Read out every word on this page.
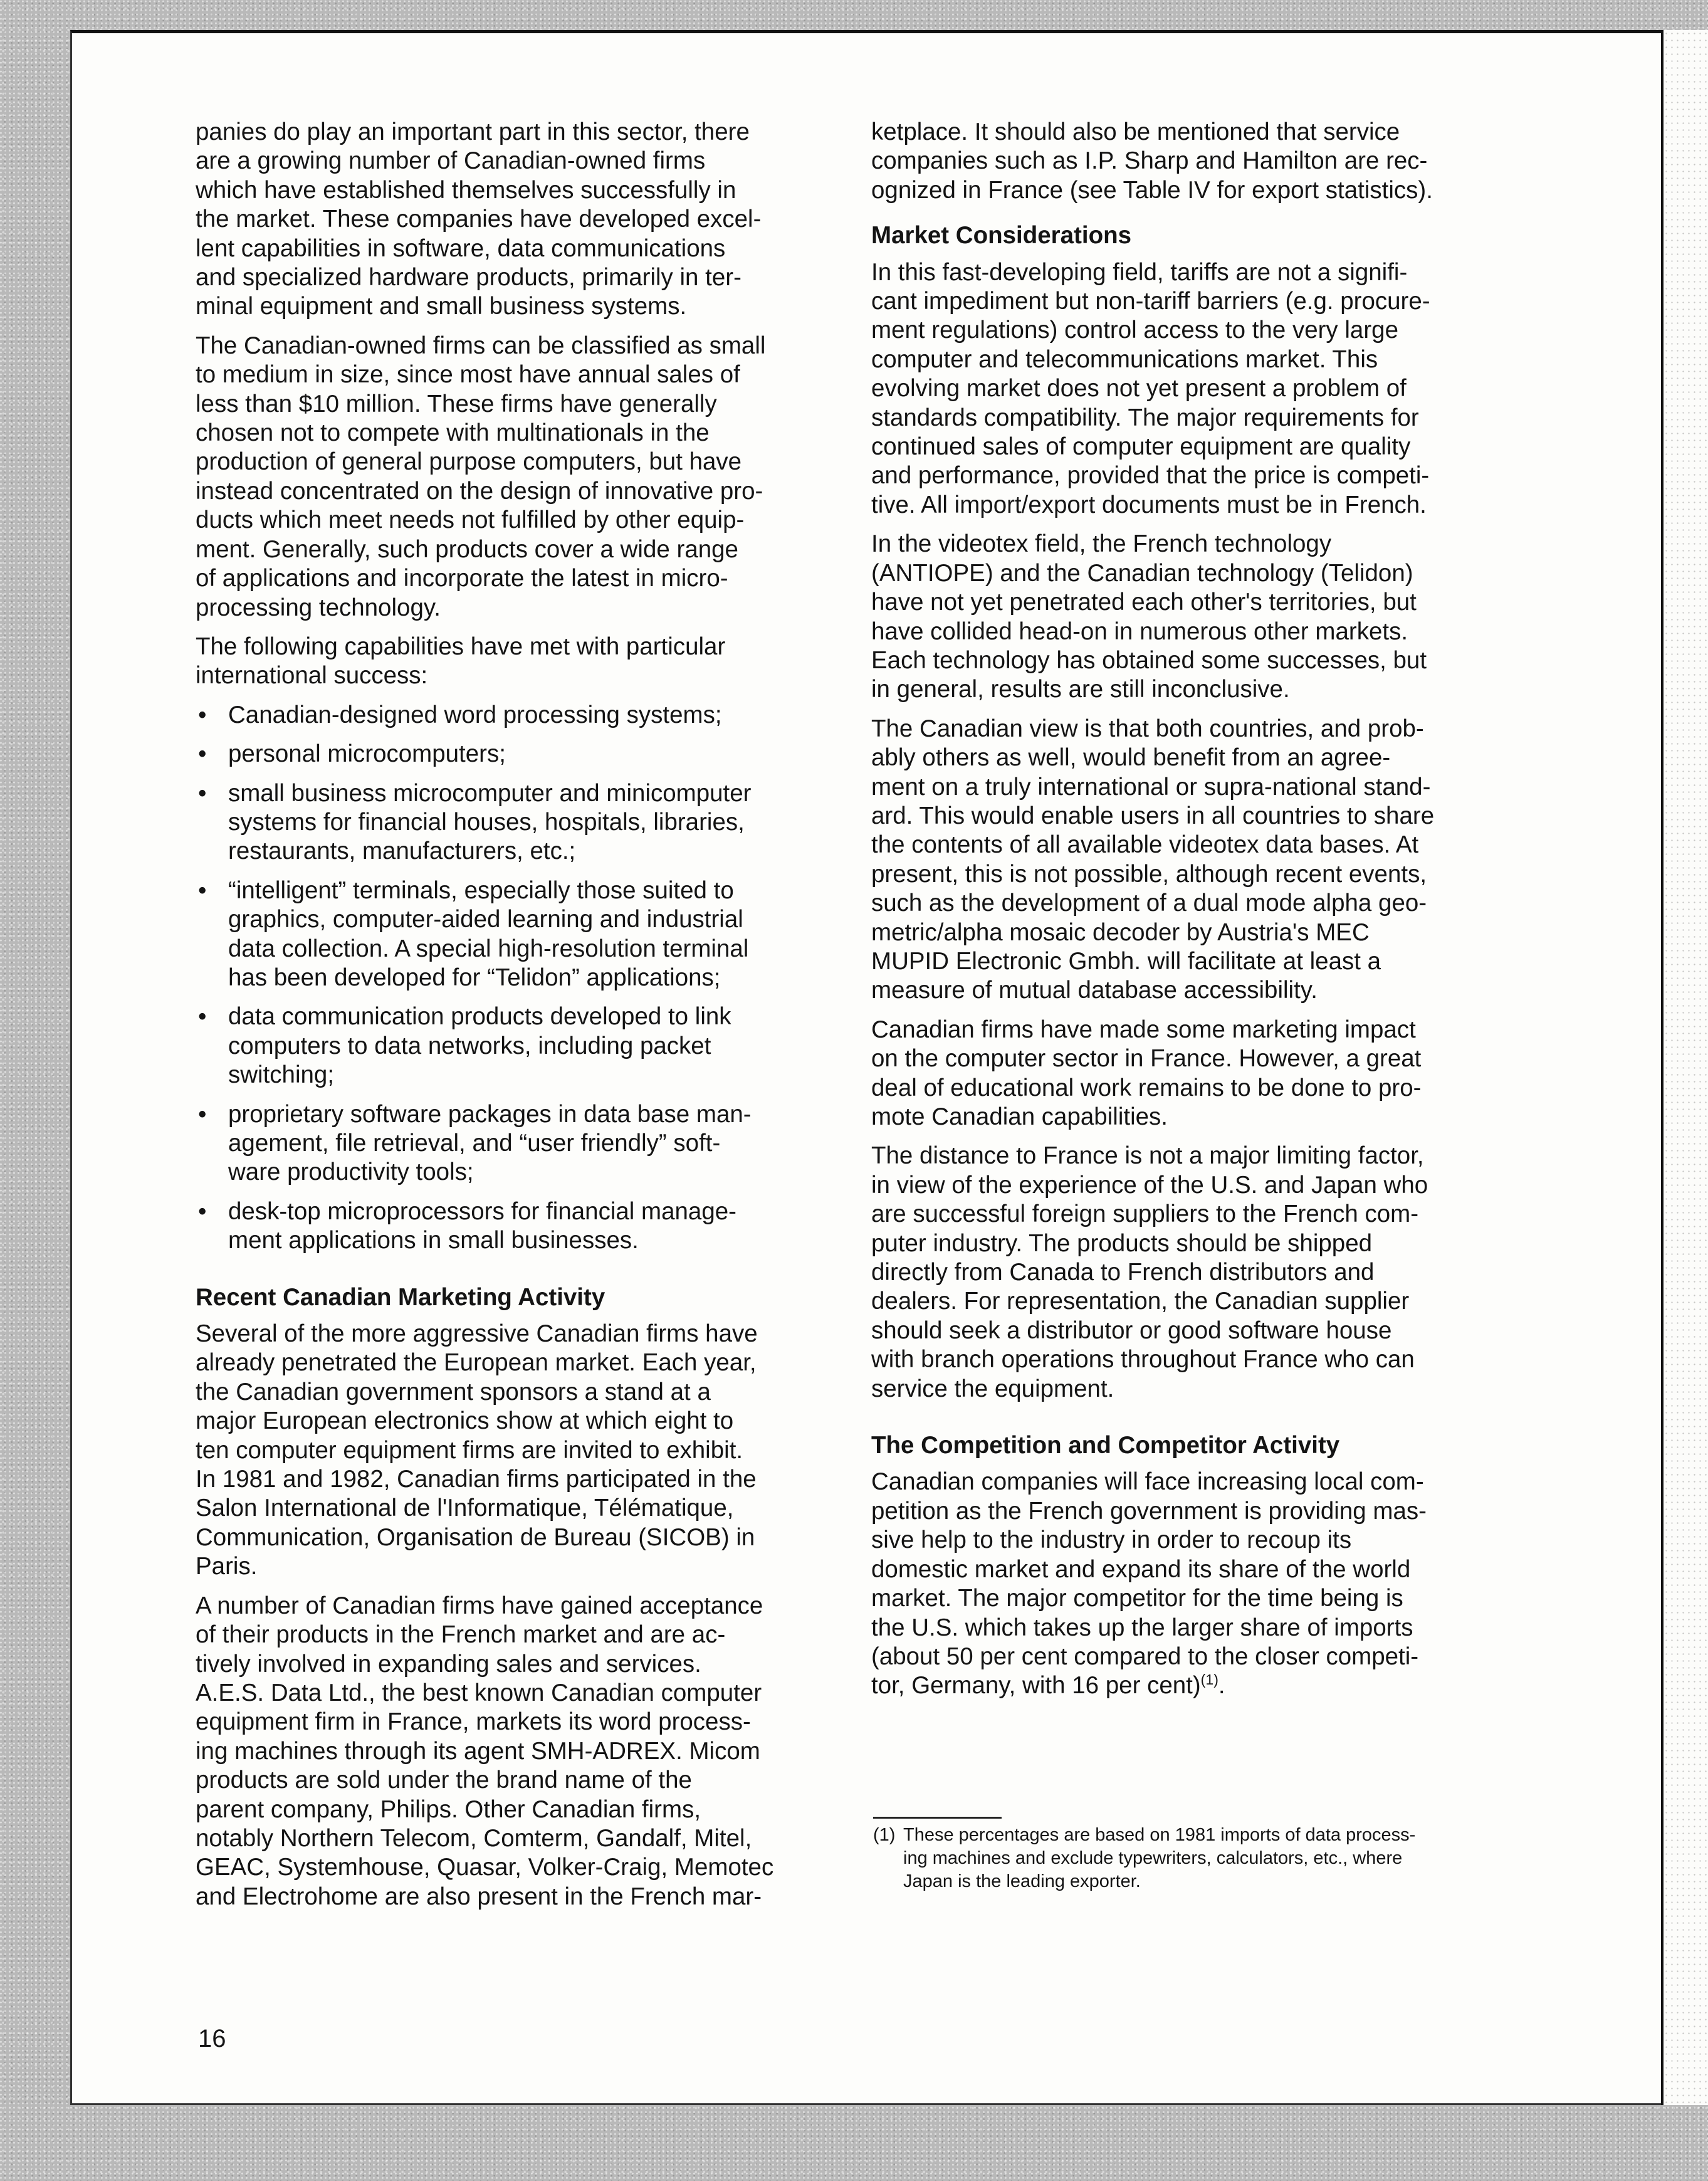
panies do play an important part in this sector, there
are a growing number of Canadian-owned firms
which have established themselves successfully in
the market. These companies have developed excel-
lent capabilities in software, data communications
and specialized hardware products, primarily in ter-
minal equipment and small business systems.

The Canadian-owned firms can be classified as small
to medium in size, since most have annual sales of
less than $10 million. These firms have generally
chosen not to compete with multinationals in the
production of general purpose computers, but have
instead concentrated on the design of innovative pro-
ducts which meet needs not fulfilled by other equip-
ment. Generally, such products cover a wide range
of applications and incorporate the latest in micro-
processing technology.

The following capabilities have met with particular
international success:

• Canadian-designed word processing systems;
• personal microcomputers;
• small business microcomputer and minicomputer
systems for financial houses, hospitals, libraries,
restaurants, manufacturers, etc.;
• “intelligent” terminals, especially those suited to
graphics, computer-aided learning and industrial
data collection. A special high-resolution terminal
has been developed for “Telidon” applications;
• data communication products developed to link
computers to data networks, including packet
switching;
• proprietary software packages in data base man-
agement, file retrieval, and “user friendly” soft-
ware productivity tools;
• desk-top microprocessors for financial manage-
ment applications in small businesses.
Recent Canadian Marketing Activity

Several of the more aggressive Canadian firms have
already penetrated the European market. Each year,
the Canadian government sponsors a stand at a
major European electronics show at which eight to
ten computer equipment firms are invited to exhibit.
In 1981 and 1982, Canadian firms participated in the
Salon International de l'Informatique, Télématique,
Communication, Organisation de Bureau (SICOB) in
Paris.

A number of Canadian firms have gained acceptance
of their products in the French market and are ac-
tively involved in expanding sales and services.
A.E.S. Data Ltd., the best known Canadian computer
equipment firm in France, markets its word process-
ing machines through its agent SMH-ADREX. Micom
products are sold under the brand name of the
parent company, Philips. Other Canadian firms,
notably Northern Telecom, Comterm, Gandalf, Mitel,
GEAC, Systemhouse, Quasar, Volker-Craig, Memotec
and Electrohome are also present in the French mar-

ketplace. It should also be mentioned that service
companies such as I.P. Sharp and Hamilton are rec-
ognized in France (see Table IV for export statistics).

Market Considerations

In this fast-developing field, tariffs are not a signifi-
cant impediment but non-tariff barriers (e.g. procure-
ment regulations) control access to the very large
computer and telecommunications market. This
evolving market does not yet present a problem of
standards compatibility. The major requirements for
continued sales of computer equipment are quality
and performance, provided that the price is competi-
tive. All import/export documents must be in French.

In the videotex field, the French technology
(ANTIOPE) and the Canadian technology (Telidon)
have not yet penetrated each other's territories, but
have collided head-on in numerous other markets.
Each technology has obtained some successes, but
in general, results are still inconclusive.

The Canadian view is that both countries, and prob-
ably others as well, would benefit from an agree-
ment on a truly international or supra-national stand-
ard. This would enable users in all countries to share
the contents of all available videotex data bases. At
present, this is not possible, although recent events,
such as the development of a dual mode alpha geo-
metric/alpha mosaic decoder by Austria's MEC
MUPID Electronic Gmbh. will facilitate at least a
measure of mutual database accessibility.

Canadian firms have made some marketing impact
on the computer sector in France. However, a great
deal of educational work remains to be done to pro-
mote Canadian capabilities.

The distance to France is not a major limiting factor,
in view of the experience of the U.S. and Japan who
are successful foreign suppliers to the French com-
puter industry. The products should be shipped
directly from Canada to French distributors and
dealers. For representation, the Canadian supplier
should seek a distributor or good software house
with branch operations throughout France who can
service the equipment.

The Competition and Competitor Activity

Canadian companies will face increasing local com-
petition as the French government is providing mas-
sive help to the industry in order to recoup its
domestic market and expand its share of the world
market. The major competitor for the time being is
the U.S. which takes up the larger share of imports
(about 50 per cent compared to the closer competi-
tor, Germany, with 16 per cent)$^{(1)}$.

(1) These percentages are based on 1981 imports of data process-
ing machines and exclude typewriters, calculators, etc., where
Japan is the leading exporter.

16
